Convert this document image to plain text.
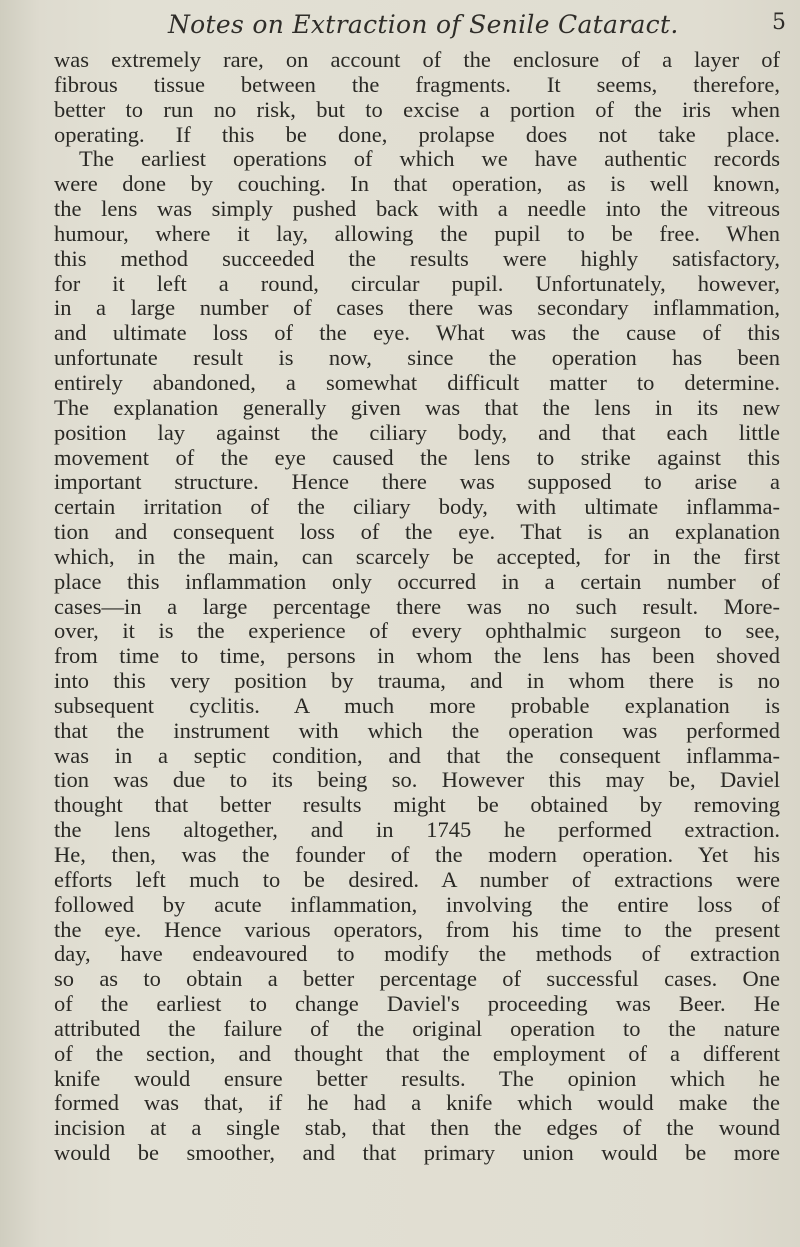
Notes on Extraction of Senile Cataract.	5
was extremely rare, on account of the enclosure of a layer of
fibrous tissue between the fragments. It seems, therefore,
better to run no risk, but to excise a portion of the iris when
operating. If this be done, prolapse does not take place.
The earliest operations of which we have authentic records
were done by couching. In that operation, as is well known,
the lens was simply pushed back with a needle into the vitreous
humour, where it lay, allowing the pupil to be free. When
this method succeeded the results were highly satisfactory,
for it left a round, circular pupil. Unfortunately, however,
in a large number of cases there was secondary inflammation,
and ultimate loss of the eye. What was the cause of this
unfortunate result is now, since the operation has been
entirely abandoned, a somewhat difficult matter to determine.
The explanation generally given was that the lens in its new
position lay against the ciliary body, and that each little
movement of the eye caused the lens to strike against this
important structure. Hence there was supposed to arise a
certain irritation of the ciliary body, with ultimate inflamma-
tion and consequent loss of the eye. That is an explanation
which, in the main, can scarcely be accepted, for in the first
place this inflammation only occurred in a certain number of
cases—in a large percentage there was no such result. More-
over, it is the experience of every ophthalmic surgeon to see,
from time to time, persons in whom the lens has been shoved
into this very position by trauma, and in whom there is no
subsequent cyclitis. A much more probable explanation is
that the instrument with which the operation was performed
was in a septic condition, and that the consequent inflamma-
tion was due to its being so. However this may be, Daviel
thought that better results might be obtained by removing
the lens altogether, and in 1745 he performed extraction.
He, then, was the founder of the modern operation. Yet his
efforts left much to be desired. A number of extractions were
followed by acute inflammation, involving the entire loss of
the eye. Hence various operators, from his time to the present
day, have endeavoured to modify the methods of extraction
so as to obtain a better percentage of successful cases. One
of the earliest to change Daviel's proceeding was Beer. He
attributed the failure of the original operation to the nature
of the section, and thought that the employment of a different
knife would ensure better results. The opinion which he
formed was that, if he had a knife which would make the
incision at a single stab, that then the edges of the wound
would be smoother, and that primary union would be more
